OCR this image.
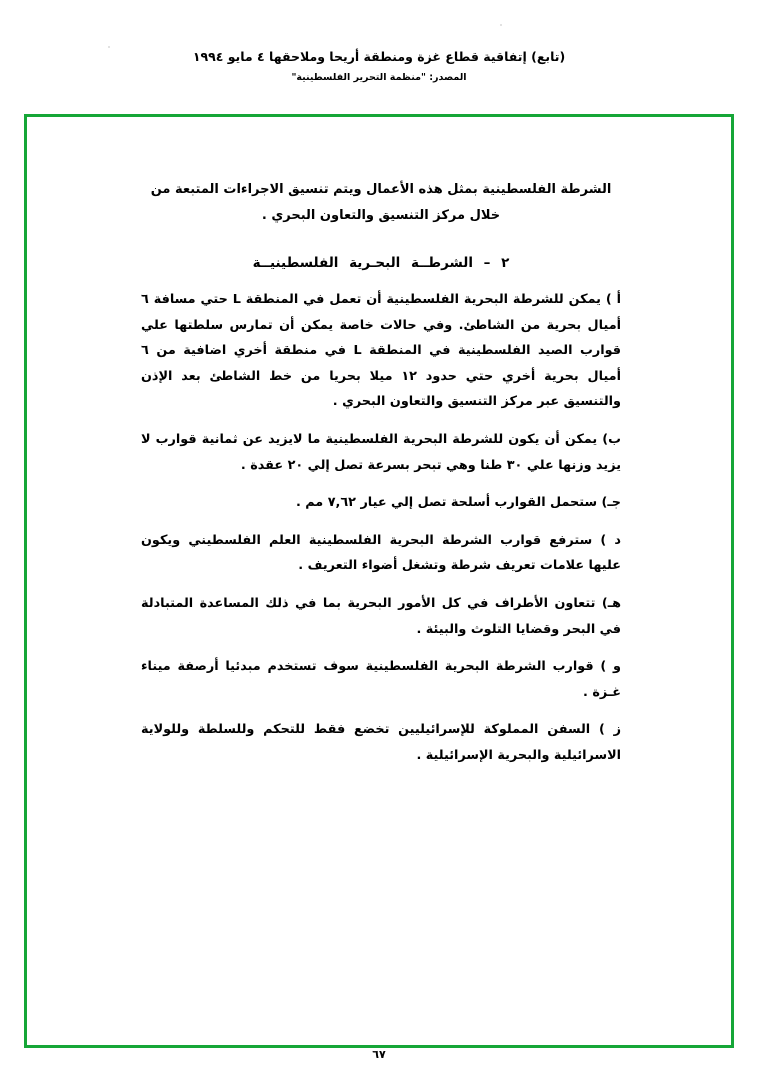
(تابع) إتفاقية قطاع غزة ومنطقة أريحا وملاحقها ٤ مايو ١٩٩٤
المصدر: "منظمة التحرير الفلسطينية"

الشرطة الفلسطينية بمثل هذه الأعمال ويتم تنسيق الاجراءات المتبعة من خلال مركز التنسيق والتعاون البحري .

٢ – الشرطــة البحـرية الفلسطينيــة

أ ) يمكن للشرطة البحرية الفلسطينية أن تعمل في المنطقة L حتي مسافة ٦ أميال بحرية من الشاطئ. وفي حالات خاصة يمكن أن تمارس سلطتها علي قوارب الصيد الفلسطينية في المنطقة L في منطقة أخري اضافية من ٦ أميال بحرية أخري حتي حدود ١٢ ميلا بحريا من خط الشاطئ بعد الإذن والتنسيق عبر مركز التنسيق والتعاون البحري .

ب) يمكن أن يكون للشرطة البحرية الفلسطينية ما لايزيد عن ثمانية قوارب لا يزيد وزنها علي ٣٠ طنا وهي تبحر بسرعة تصل إلي ٢٠ عقدة .

جـ) ستحمل القوارب أسلحة تصل إلي عيار ٧,٦٢ مم .

د ) سترفع قوارب الشرطة البحرية الفلسطينية العلم الفلسطيني ويكون عليها علامات تعريف شرطة وتشغل أضواء التعريف .

هـ) تتعاون الأطراف في كل الأمور البحرية بما في ذلك المساعدة المتبادلة في البحر وقضايا التلوث والبيئة .

و ) قوارب الشرطة البحرية الفلسطينية سوف تستخدم مبدئيا أرصفة ميناء غـزة .

ز ) السفن المملوكة للإسرائيليين تخضع فقط للتحكم وللسلطة وللولاية الاسرائيلية والبحرية الإسرائيلية .

٦٧
